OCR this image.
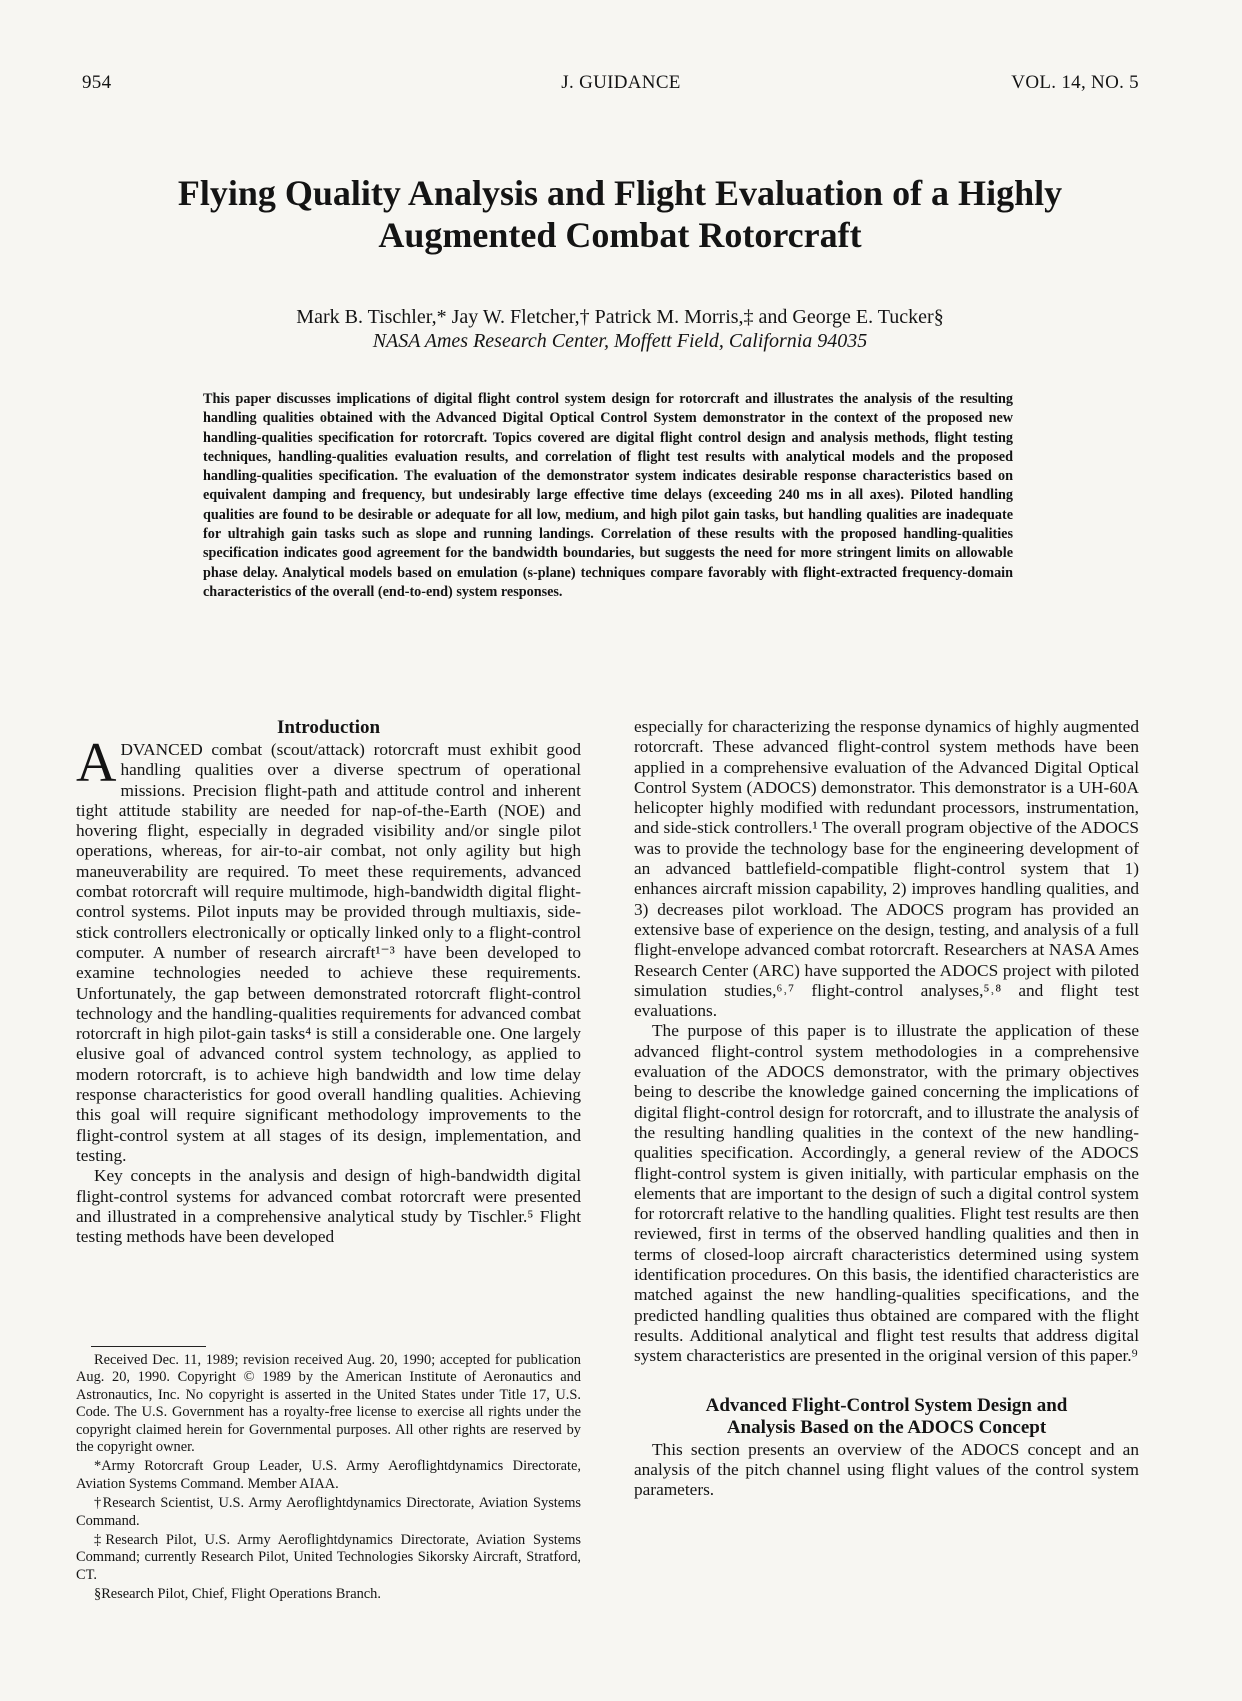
954	J. GUIDANCE	VOL. 14, NO. 5
Flying Quality Analysis and Flight Evaluation of a Highly
Augmented Combat Rotorcraft
Mark B. Tischler,* Jay W. Fletcher,† Patrick M. Morris,‡ and George E. Tucker§
NASA Ames Research Center, Moffett Field, California 94035

This paper discusses implications of digital flight control system design for rotorcraft and illustrates the analysis of the resulting handling qualities obtained with the Advanced Digital Optical Control System demonstrator in the context of the proposed new handling-qualities specification for rotorcraft. Topics covered are digital flight control design and analysis methods, flight testing techniques, handling-qualities evaluation results, and correlation of flight test results with analytical models and the proposed handling-qualities specification. The evaluation of the demonstrator system indicates desirable response characteristics based on equivalent damping and frequency, but undesirably large effective time delays (exceeding 240 ms in all axes). Piloted handling qualities are found to be desirable or adequate for all low, medium, and high pilot gain tasks, but handling qualities are inadequate for ultrahigh gain tasks such as slope and running landings. Correlation of these results with the proposed handling-qualities specification indicates good agreement for the bandwidth boundaries, but suggests the need for more stringent limits on allowable phase delay. Analytical models based on emulation (s-plane) techniques compare favorably with flight-extracted frequency-domain characteristics of the overall (end-to-end) system responses.

Introduction

ADVANCED combat (scout/attack) rotorcraft must exhibit good handling qualities over a diverse spectrum of operational missions. Precision flight-path and attitude control and inherent tight attitude stability are needed for nap-of-the-Earth (NOE) and hovering flight, especially in degraded visibility and/or single pilot operations, whereas, for air-to-air combat, not only agility but high maneuverability are required. To meet these requirements, advanced combat rotorcraft will require multimode, high-bandwidth digital flight-control systems. Pilot inputs may be provided through multiaxis, side-stick controllers electronically or optically linked only to a flight-control computer. A number of research aircraft¹⁻³ have been developed to examine technologies needed to achieve these requirements. Unfortunately, the gap between demonstrated rotorcraft flight-control technology and the handling-qualities requirements for advanced combat rotorcraft in high pilot-gain tasks⁴ is still a considerable one. One largely elusive goal of advanced control system technology, as applied to modern rotorcraft, is to achieve high bandwidth and low time delay response characteristics for good overall handling qualities. Achieving this goal will require significant methodology improvements to the flight-control system at all stages of its design, implementation, and testing.

Key concepts in the analysis and design of high-bandwidth digital flight-control systems for advanced combat rotorcraft were presented and illustrated in a comprehensive analytical study by Tischler.⁵ Flight testing methods have been developed

Received Dec. 11, 1989; revision received Aug. 20, 1990; accepted for publication Aug. 20, 1990. Copyright © 1989 by the American Institute of Aeronautics and Astronautics, Inc. No copyright is asserted in the United States under Title 17, U.S. Code. The U.S. Government has a royalty-free license to exercise all rights under the copyright claimed herein for Governmental purposes. All other rights are reserved by the copyright owner.

*Army Rotorcraft Group Leader, U.S. Army Aeroflightdynamics Directorate, Aviation Systems Command. Member AIAA.

†Research Scientist, U.S. Army Aeroflightdynamics Directorate, Aviation Systems Command.

‡Research Pilot, U.S. Army Aeroflightdynamics Directorate, Aviation Systems Command; currently Research Pilot, United Technologies Sikorsky Aircraft, Stratford, CT.

§Research Pilot, Chief, Flight Operations Branch.

especially for characterizing the response dynamics of highly augmented rotorcraft. These advanced flight-control system methods have been applied in a comprehensive evaluation of the Advanced Digital Optical Control System (ADOCS) demonstrator. This demonstrator is a UH-60A helicopter highly modified with redundant processors, instrumentation, and side-stick controllers.¹ The overall program objective of the ADOCS was to provide the technology base for the engineering development of an advanced battlefield-compatible flight-control system that 1) enhances aircraft mission capability, 2) improves handling qualities, and 3) decreases pilot workload. The ADOCS program has provided an extensive base of experience on the design, testing, and analysis of a full flight-envelope advanced combat rotorcraft. Researchers at NASA Ames Research Center (ARC) have supported the ADOCS project with piloted simulation studies,⁶˒⁷ flight-control analyses,⁵˒⁸ and flight test evaluations.

The purpose of this paper is to illustrate the application of these advanced flight-control system methodologies in a comprehensive evaluation of the ADOCS demonstrator, with the primary objectives being to describe the knowledge gained concerning the implications of digital flight-control design for rotorcraft, and to illustrate the analysis of the resulting handling qualities in the context of the new handling-qualities specification. Accordingly, a general review of the ADOCS flight-control system is given initially, with particular emphasis on the elements that are important to the design of such a digital control system for rotorcraft relative to the handling qualities. Flight test results are then reviewed, first in terms of the observed handling qualities and then in terms of closed-loop aircraft characteristics determined using system identification procedures. On this basis, the identified characteristics are matched against the new handling-qualities specifications, and the predicted handling qualities thus obtained are compared with the flight results. Additional analytical and flight test results that address digital system characteristics are presented in the original version of this paper.⁹

Advanced Flight-Control System Design and
Analysis Based on the ADOCS Concept

This section presents an overview of the ADOCS concept and an analysis of the pitch channel using flight values of the control system parameters.
